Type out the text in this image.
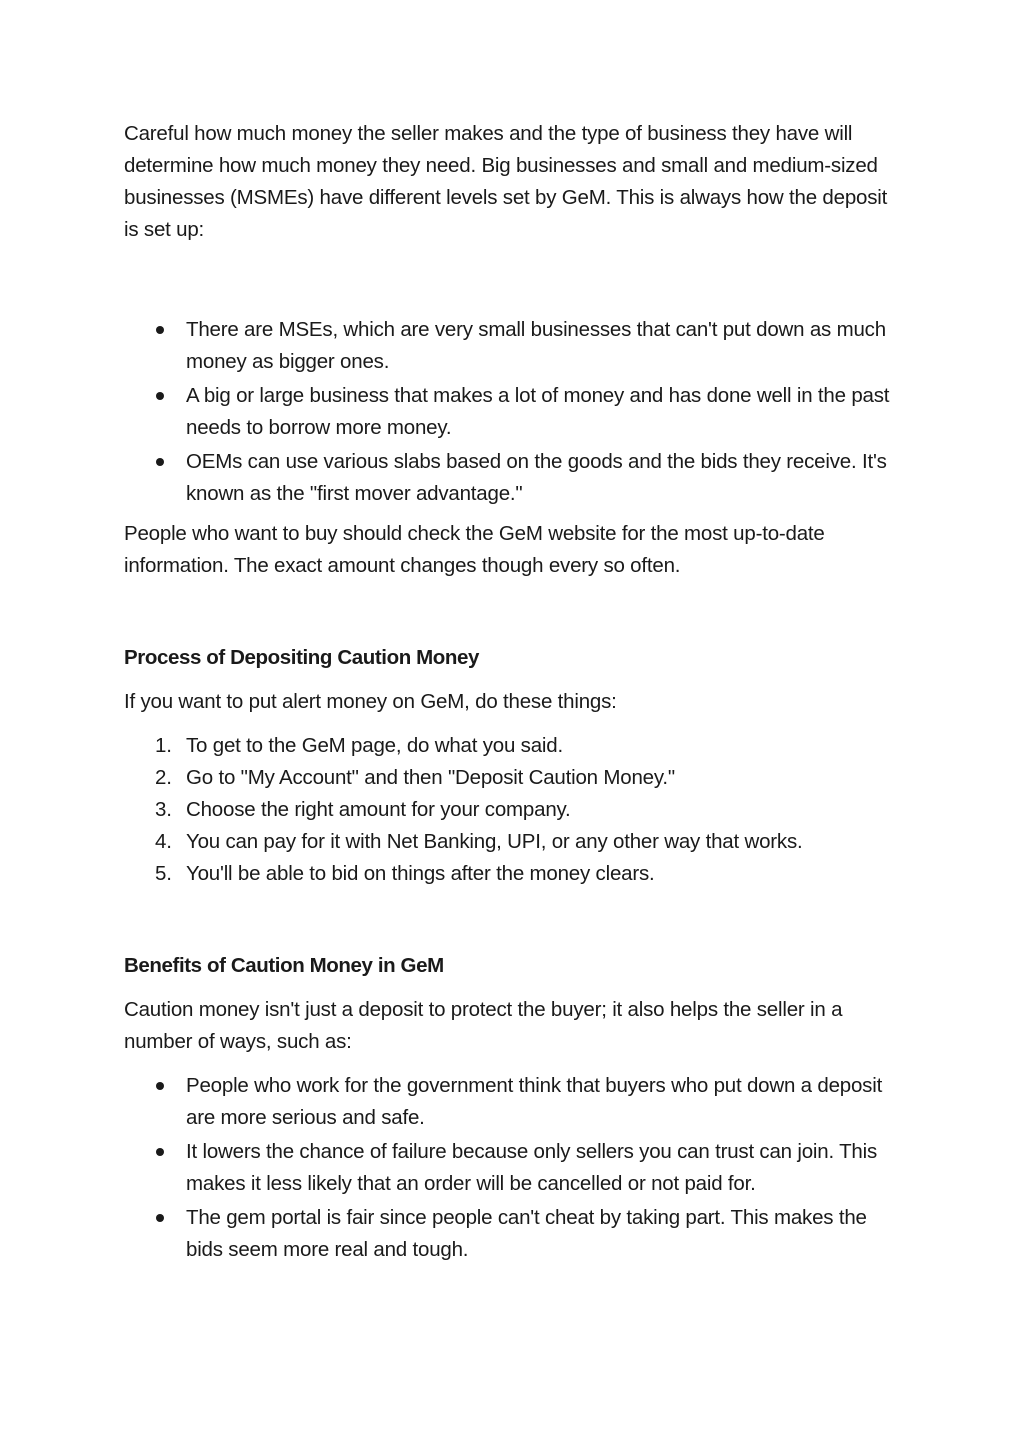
Careful how much money the seller makes and the type of business they have will determine how much money they need. Big businesses and small and medium-sized businesses (MSMEs) have different levels set by GeM. This is always how the deposit is set up:

There are MSEs, which are very small businesses that can't put down as much money as bigger ones.
A big or large business that makes a lot of money and has done well in the past needs to borrow more money.
OEMs can use various slabs based on the goods and the bids they receive. It's known as the "first mover advantage."

People who want to buy should check the GeM website for the most up-to-date information. The exact amount changes though every so often.

Process of Depositing Caution Money

If you want to put alert money on GeM, do these things:

1. To get to the GeM page, do what you said.
2. Go to "My Account" and then "Deposit Caution Money."
3. Choose the right amount for your company.
4. You can pay for it with Net Banking, UPI, or any other way that works.
5. You'll be able to bid on things after the money clears.
Benefits of Caution Money in GeM

Caution money isn't just a deposit to protect the buyer; it also helps the seller in a number of ways, such as:

People who work for the government think that buyers who put down a deposit are more serious and safe.
It lowers the chance of failure because only sellers you can trust can join. This makes it less likely that an order will be cancelled or not paid for.
The gem portal is fair since people can't cheat by taking part. This makes the bids seem more real and tough.
